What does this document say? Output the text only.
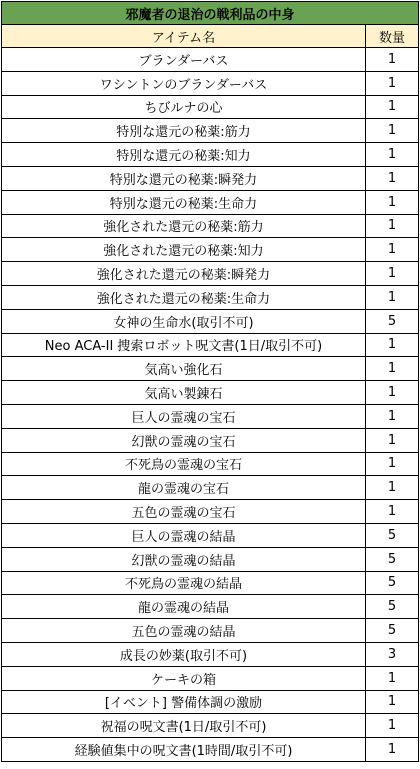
邪魔者の退治の戦利品の中身	
アイテム名	数量
ブランダーバス	1
ワシントンのブランダーバス	1
ちびルナの心	1
特別な還元の秘薬:筋力	1
特別な還元の秘薬:知力	1
特別な還元の秘薬:瞬発力	1
特別な還元の秘薬:生命力	1
強化された還元の秘薬:筋力	1
強化された還元の秘薬:知力	1
強化された還元の秘薬:瞬発力	1
強化された還元の秘薬:生命力	1
女神の生命水(取引不可)	5
Neo ACA-II 捜索ロボット呪文書(1日/取引不可)	1
気高い強化石	1
気高い製錬石	1
巨人の霊魂の宝石	1
幻獣の霊魂の宝石	1
不死鳥の霊魂の宝石	1
龍の霊魂の宝石	1
五色の霊魂の宝石	1
巨人の霊魂の結晶	5
幻獣の霊魂の結晶	5
不死鳥の霊魂の結晶	5
龍の霊魂の結晶	5
五色の霊魂の結晶	5
成長の妙薬(取引不可)	3
ケーキの箱	1
[イベント] 警備体調の激励	1
祝福の呪文書(1日/取引不可)	1
経験値集中の呪文書(1時間/取引不可)	1
